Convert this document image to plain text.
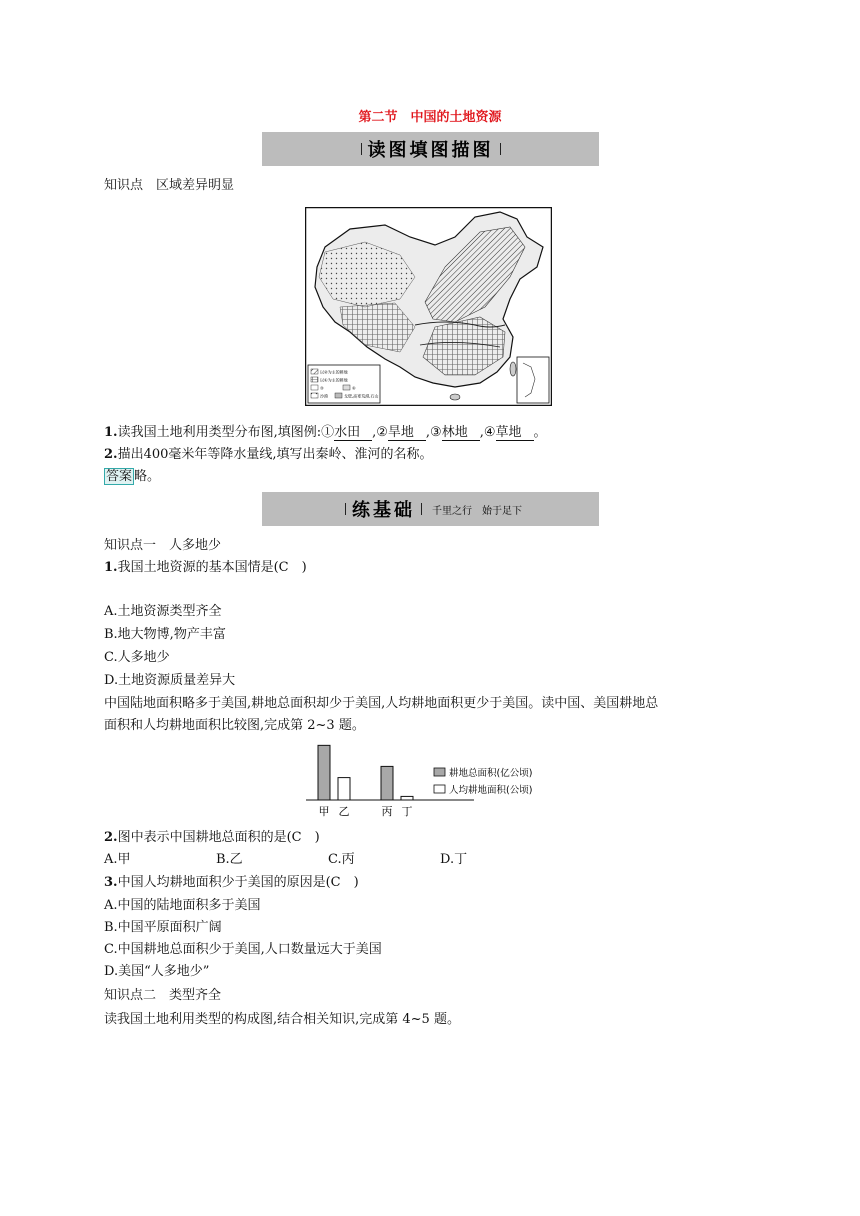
第二节　中国的土地资源
读图填图描图
知识点　区域差异明显
以②为主的耕地
以①为主的耕地
③	④
沙漠	戈壁,高寒荒漠,石山
1.读我国土地利用类型分布图,填图例:①水田 ,②旱地 ,③林地 ,④草地 。
2.描出400毫米年等降水量线,填写出秦岭、淮河的名称。
答案 略。
练基础 千里之行　始于足下
知识点一　人多地少
1.我国土地资源的基本国情是(C　)
A.土地资源类型齐全
B.地大物博,物产丰富
C.人多地少
D.土地资源质量差异大
中国陆地面积略多于美国,耕地总面积却少于美国,人均耕地面积更少于美国。读中国、美国耕地总
面积和人均耕地面积比较图,完成第 2~3 题。
甲 乙	丙 丁
耕地总面积(亿公顷)
人均耕地面积(公顷)
2.图中表示中国耕地总面积的是(C　)
A.甲	B.乙	C.丙	D.丁
3.中国人均耕地面积少于美国的原因是(C　)
A.中国的陆地面积多于美国
B.中国平原面积广阔
C.中国耕地总面积少于美国,人口数量远大于美国
D.美国“人多地少”
知识点二　类型齐全
读我国土地利用类型的构成图,结合相关知识,完成第 4~5 题。
